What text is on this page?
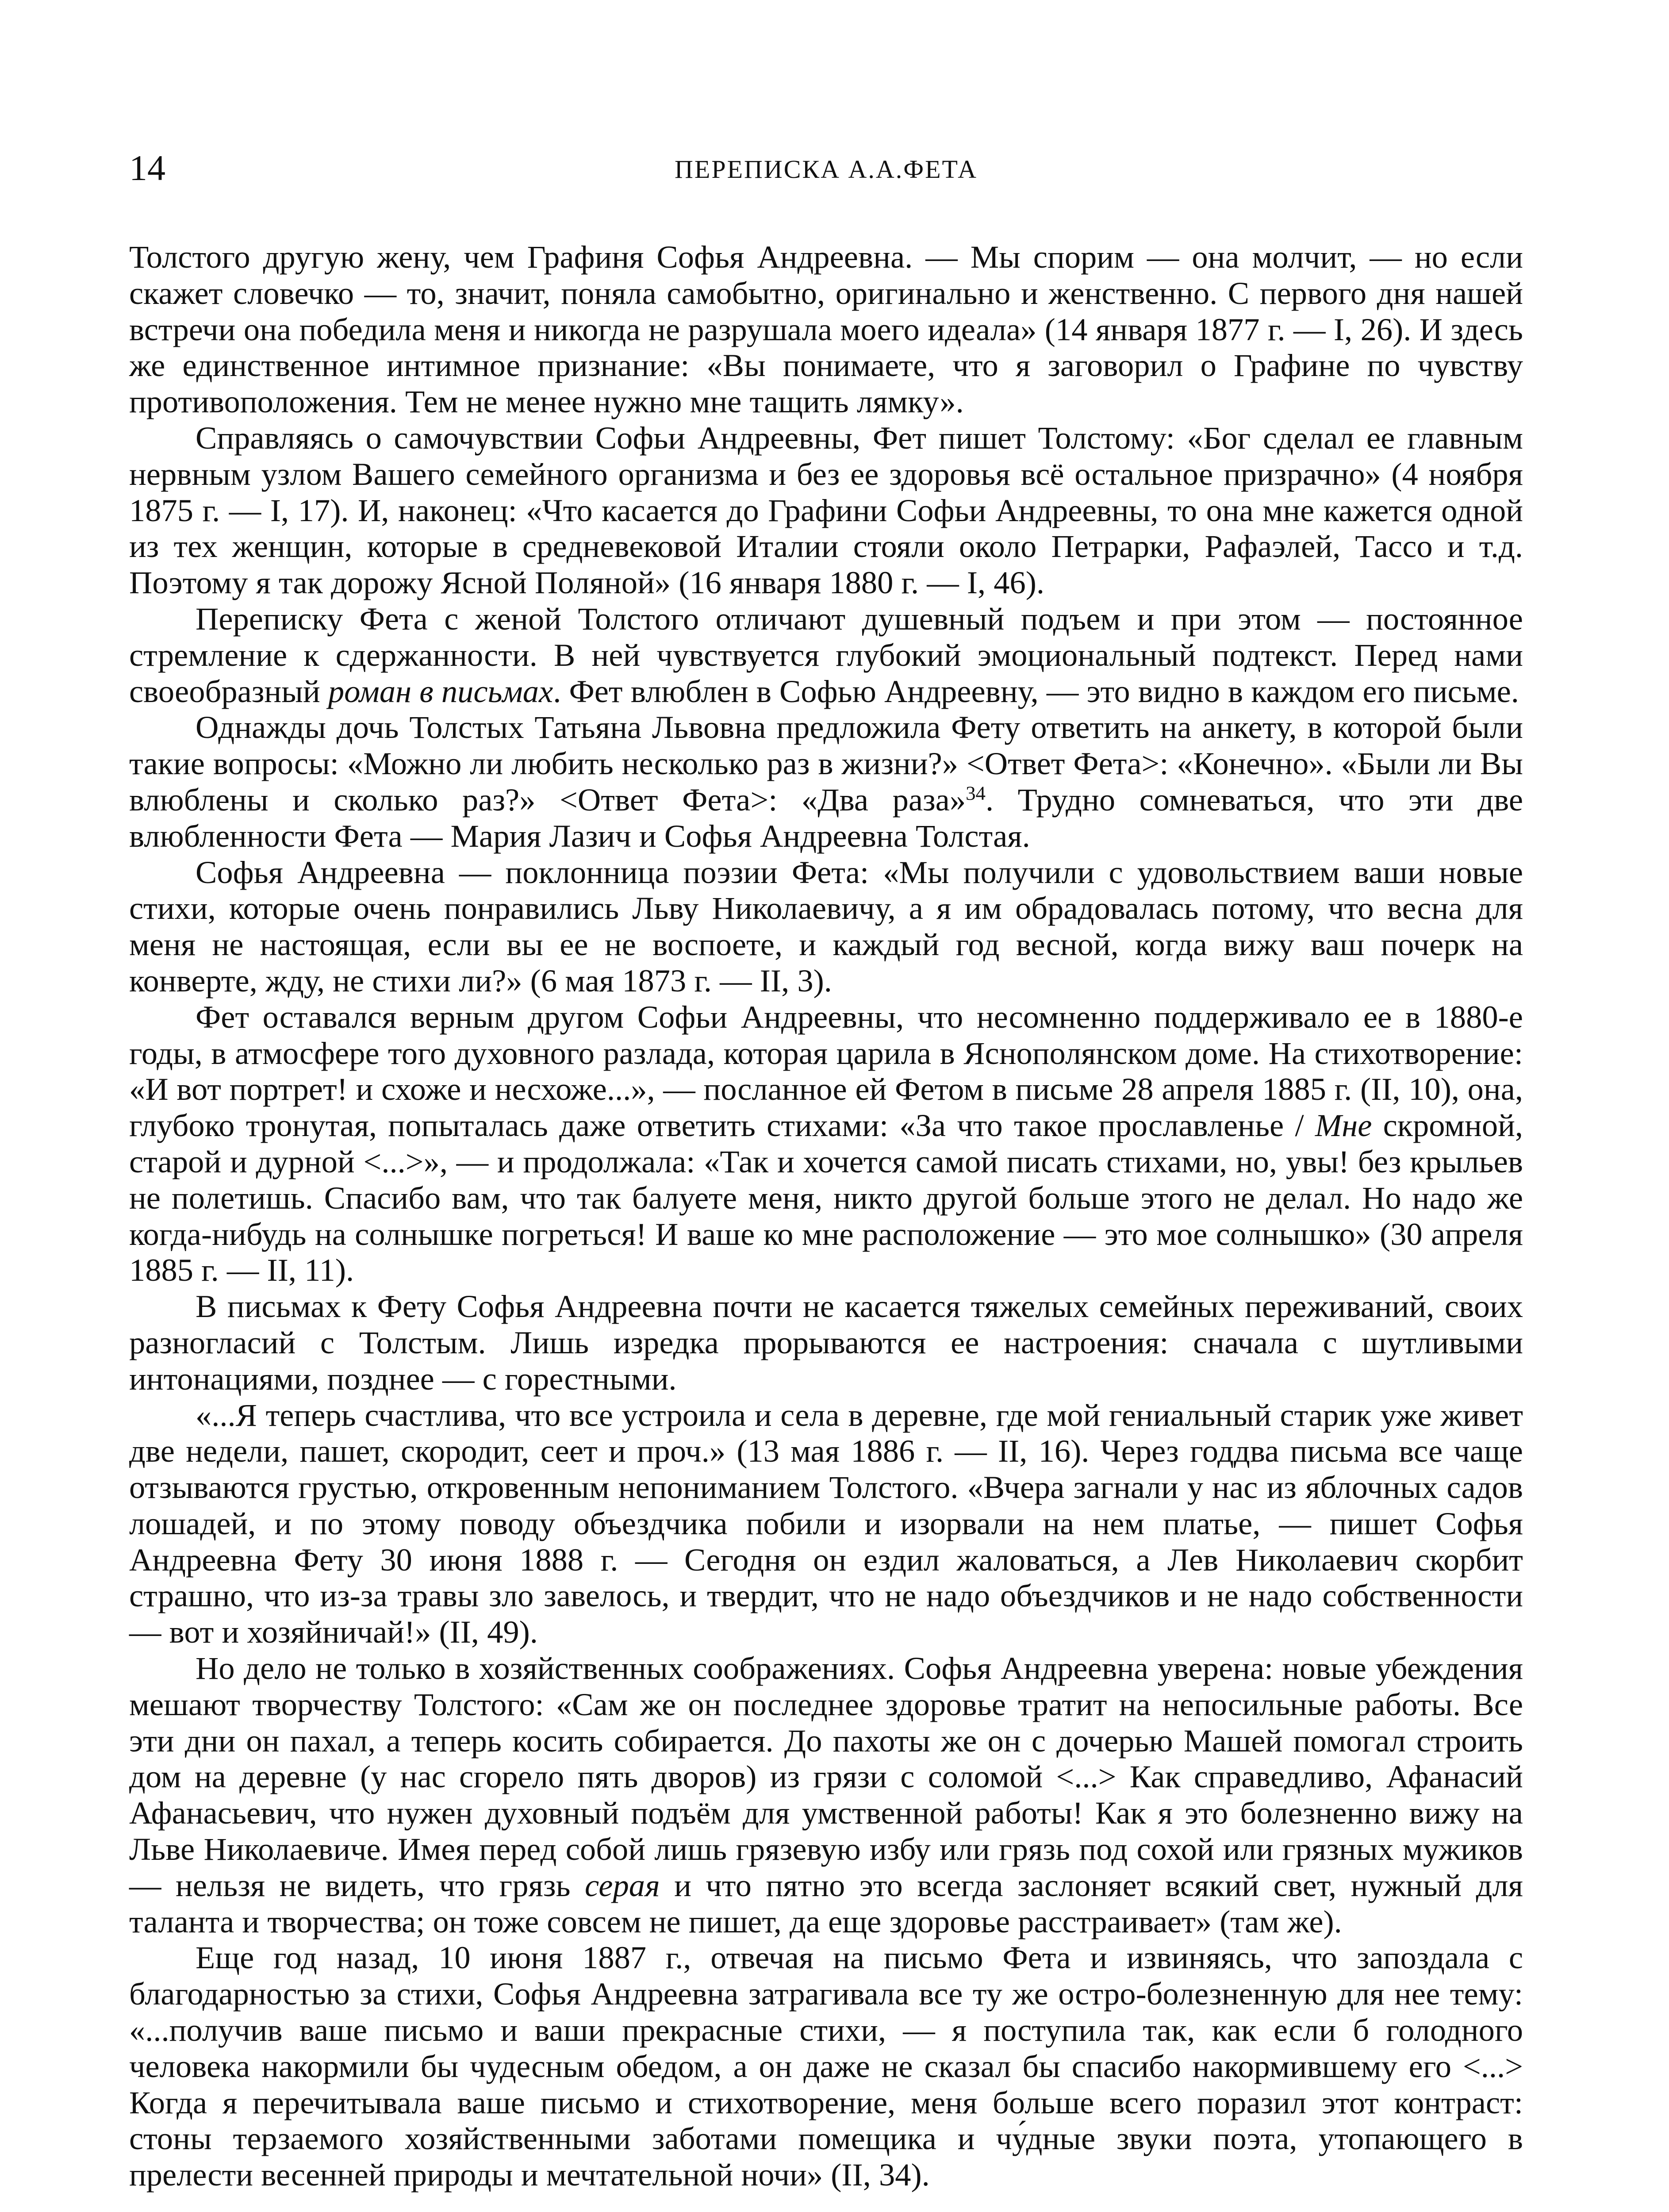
14	ПЕРЕПИСКА А.А.ФЕТА

Толстого другую жену, чем Графиня Софья Андреевна. — Мы спорим — она молчит, — но если скажет словечко — то, значит, поняла самобытно, оригинально и женственно. С первого дня нашей встречи она победила меня и никогда не разрушала моего идеала» (14 января 1877 г. — I, 26). И здесь же единственное интимное признание: «Вы понимаете, что я заговорил о Графине по чувству противоположения. Тем не менее нужно мне тащить лямку».

Справляясь о самочувствии Софьи Андреевны, Фет пишет Толстому: «Бог сделал ее главным нервным узлом Вашего семейного организма и без ее здоровья всё остальное призрачно» (4 ноября 1875 г. — I, 17). И, наконец: «Что касается до Графини Софьи Андреевны, то она мне кажется одной из тех женщин, которые в средневековой Италии стояли около Петрарки, Рафаэлей, Тассо и т.д. Поэтому я так дорожу Ясной Поляной» (16 января 1880 г. — I, 46).

Переписку Фета с женой Толстого отличают душевный подъем и при этом — постоянное стремление к сдержанности. В ней чувствуется глубокий эмоциональный подтекст. Перед нами своеобразный роман в письмах. Фет влюблен в Софью Андреевну, — это видно в каждом его письме.

Однажды дочь Толстых Татьяна Львовна предложила Фету ответить на анкету, в которой были такие вопросы: «Можно ли любить несколько раз в жизни?» <Ответ Фета>: «Конечно». «Были ли Вы влюблены и сколько раз?» <Ответ Фета>: «Два раза»$^{34}$. Трудно сомневаться, что эти две влюбленности Фета — Мария Лазич и Софья Андреевна Толстая.

Софья Андреевна — поклонница поэзии Фета: «Мы получили с удовольствием ваши новые стихи, которые очень понравились Льву Николаевичу, а я им обрадовалась потому, что весна для меня не настоящая, если вы ее не воспоете, и каждый год весной, когда вижу ваш почерк на конверте, жду, не стихи ли?» (6 мая 1873 г. — II, 3).

Фет оставался верным другом Софьи Андреевны, что несомненно поддерживало ее в 1880-е годы, в атмосфере того духовного разлада, которая царила в Яснополянском доме. На стихотворение: «И вот портрет! и схоже и несхоже...», — посланное ей Фетом в письме 28 апреля 1885 г. (II, 10), она, глубоко тронутая, попыталась даже ответить стихами: «За что такое прославленье / Мне скромной, старой и дурной <...>», — и продолжала: «Так и хочется самой писать стихами, но, увы! без крыльев не полетишь. Спасибо вам, что так балуете меня, никто другой больше этого не делал. Но надо же когда-нибудь на солнышке погреться! И ваше ко мне расположение — это мое солнышко» (30 апреля 1885 г. — II, 11).

В письмах к Фету Софья Андреевна почти не касается тяжелых семейных переживаний, своих разногласий с Толстым. Лишь изредка прорываются ее настроения: сначала с шутливыми интонациями, позднее — с горестными.

«...Я теперь счастлива, что все устроила и села в деревне, где мой гениальный старик уже живет две недели, пашет, скородит, сеет и проч.» (13 мая 1886 г. — II, 16). Через годдва письма все чаще отзываются грустью, откровенным непониманием Толстого. «Вчера загнали у нас из яблочных садов лошадей, и по этому поводу объездчика побили и изорвали на нем платье, — пишет Софья Андреевна Фету 30 июня 1888 г. — Сегодня он ездил жаловаться, а Лев Николаевич скорбит страшно, что из-за травы зло завелось, и твердит, что не надо объездчиков и не надо собственности — вот и хозяйничай!» (II, 49).

Но дело не только в хозяйственных соображениях. Софья Андреевна уверена: новые убеждения мешают творчеству Толстого: «Сам же он последнее здоровье тратит на непосильные работы. Все эти дни он пахал, а теперь косить собирается. До пахоты же он с дочерью Машей помогал строить дом на деревне (у нас сгорело пять дворов) из грязи с соломой <...> Как справедливо, Афанасий Афанасьевич, что нужен духовный подъём для умственной работы! Как я это болезненно вижу на Льве Николаевиче. Имея перед собой лишь грязевую избу или грязь под сохой или грязных мужиков — нельзя не видеть, что грязь серая и что пятно это всегда заслоняет всякий свет, нужный для таланта и творчества; он тоже совсем не пишет, да еще здоровье расстраивает» (там же).

Еще год назад, 10 июня 1887 г., отвечая на письмо Фета и извиняясь, что запоздала с благодарностью за стихи, Софья Андреевна затрагивала все ту же остро-болезненную для нее тему: «...получив ваше письмо и ваши прекрасные стихи, — я поступила так, как если б голодного человека накормили бы чудесным обедом, а он даже не сказал бы спасибо накормившему его <...> Когда я перечитывала ваше письмо и стихотворение, меня больше всего поразил этот контраст: стоны терзаемого хозяйственными заботами помещика и чу́дные звуки поэта, утопающего в прелести весенней природы и мечтательной ночи» (II, 34).
